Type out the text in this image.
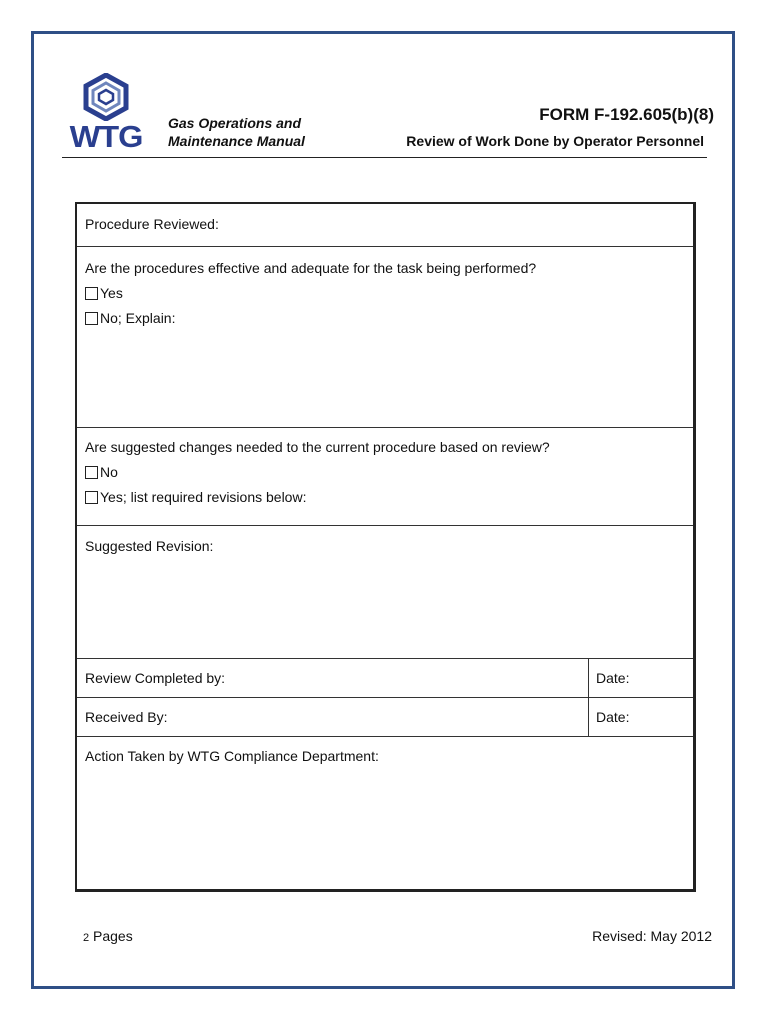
WTG	Gas Operations and
Maintenance Manual
FORM F-192.605(b)(8)
Review of Work Done by Operator Personnel
Procedure Reviewed:
Are the procedures effective and adequate for the task being performed?
Yes
No; Explain:
Are suggested changes needed to the current procedure based on review?
No
Yes; list required revisions below:
Suggested Revision:
Review Completed by:	Date:
Received By:	Date:
Action Taken by WTG Compliance Department:
2 Pages	Revised: May 2012
